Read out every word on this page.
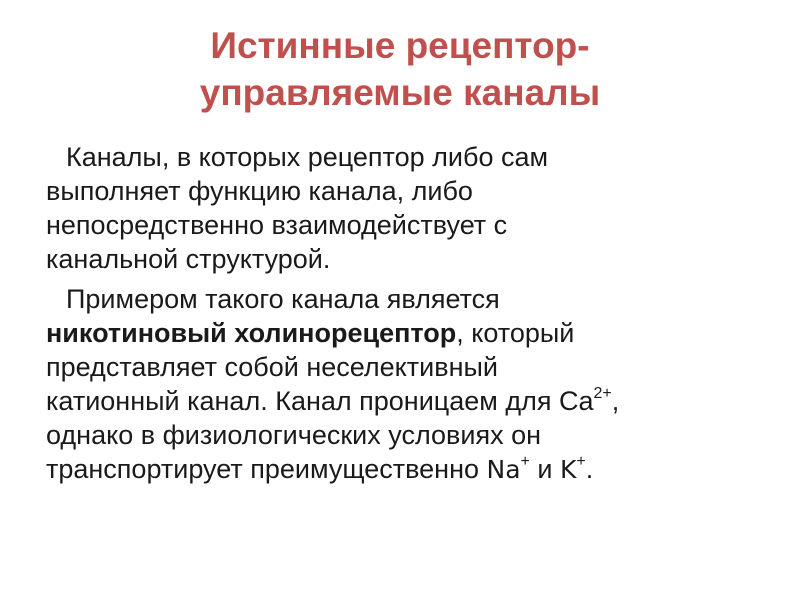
Истинные рецептор-
управляемые каналы

Каналы, в которых рецептор либо сам
выполняет функцию канала, либо
непосредственно взаимодействует с
канальной структурой.

Примером такого канала является
никотиновый холинорецептор, который
представляет собой неселективный
катионный канал. Канал проницаем для $Ca^{2+}$,
однако в физиологических условиях он
транспортирует преимущественно Na+ и K+.
